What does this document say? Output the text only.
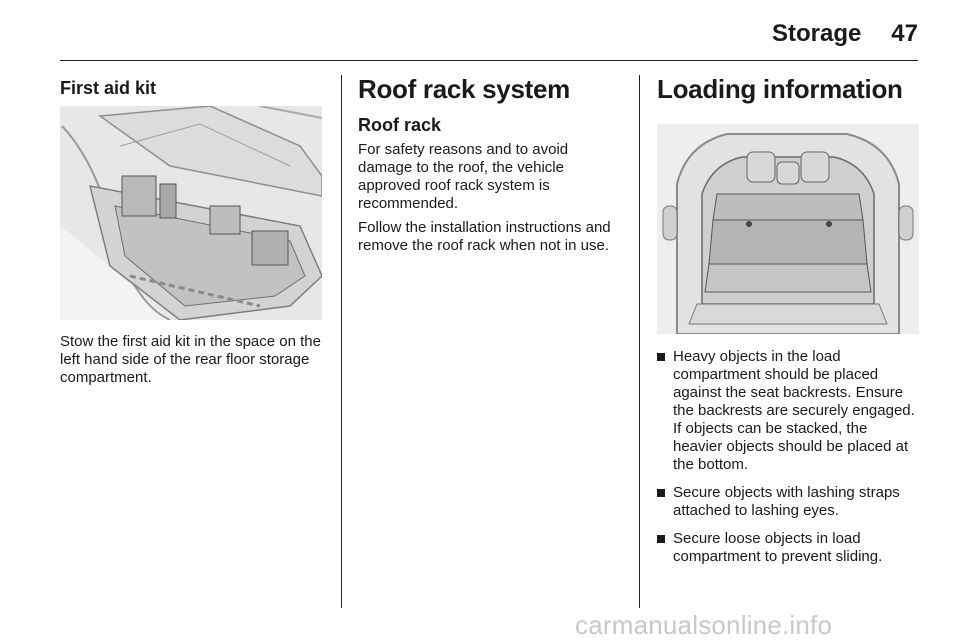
Storage 47
First aid kit

Stow the first aid kit in the space on the left hand side of the rear floor storage compartment.

Roof rack system
Roof rack

For safety reasons and to avoid damage to the roof, the vehicle approved roof rack system is recommended.

Follow the installation instructions and remove the roof rack when not in use.

Loading information
Heavy objects in the load compartment should be placed against the seat backrests. Ensure the backrests are securely engaged. If objects can be stacked, the heavier objects should be placed at the bottom.
Secure objects with lashing straps attached to lashing eyes.
Secure loose objects in load compartment to prevent sliding.
carmanualsonline.info
